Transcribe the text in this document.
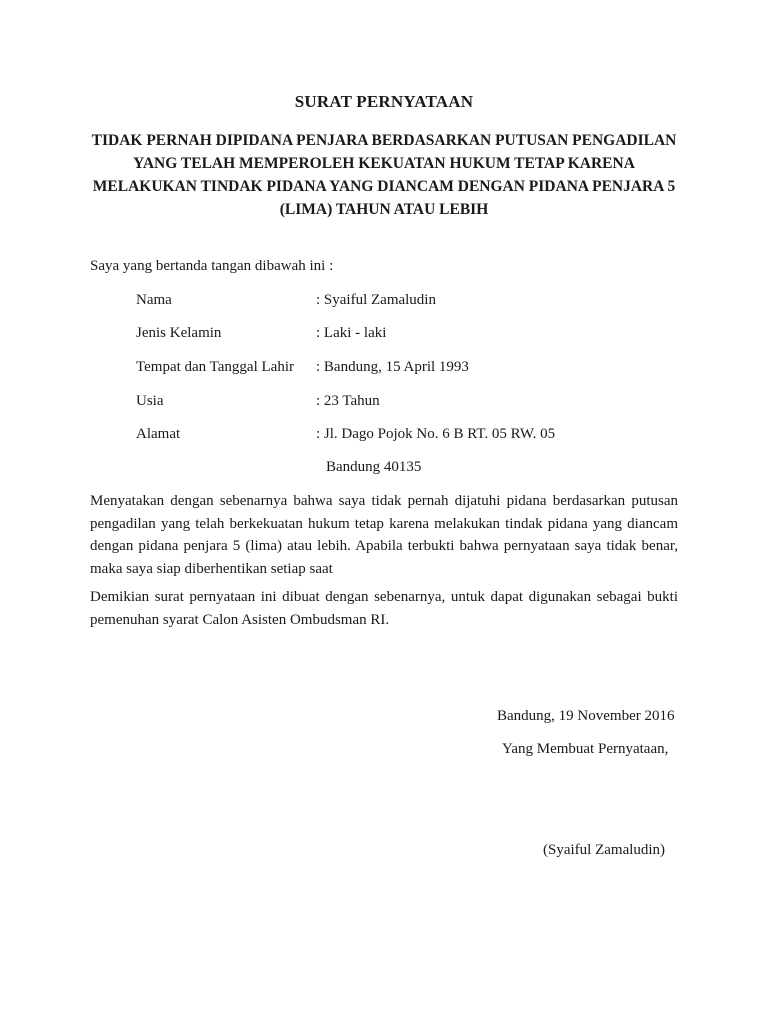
SURAT PERNYATAAN
TIDAK PERNAH DIPIDANA PENJARA BERDASARKAN PUTUSAN PENGADILAN
YANG TELAH MEMPEROLEH KEKUATAN HUKUM TETAP KARENA
MELAKUKAN TINDAK PIDANA YANG DIANCAM DENGAN PIDANA PENJARA 5
(LIMA) TAHUN ATAU LEBIH
Saya yang bertanda tangan dibawah ini :
Nama	: Syaiful Zamaludin
Jenis Kelamin	: Laki - laki
Tempat dan Tanggal Lahir : Bandung, 15 April 1993
Usia	: 23 Tahun
Alamat	: Jl. Dago Pojok No. 6 B RT. 05 RW. 05
Bandung 40135
Menyatakan dengan sebenarnya bahwa saya tidak pernah dijatuhi pidana berdasarkan putusan
pengadilan yang telah berkekuatan hukum tetap karena melakukan tindak pidana yang diancam
dengan pidana penjara 5 (lima) atau lebih. Apabila terbukti bahwa pernyataan saya tidak benar,
maka saya siap diberhentikan setiap saat
Demikian surat pernyataan ini dibuat dengan sebenarnya, untuk dapat digunakan sebagai bukti
pemenuhan syarat Calon Asisten Ombudsman RI.
Bandung, 19 November 2016
Yang Membuat Pernyataan,
(Syaiful Zamaludin)
